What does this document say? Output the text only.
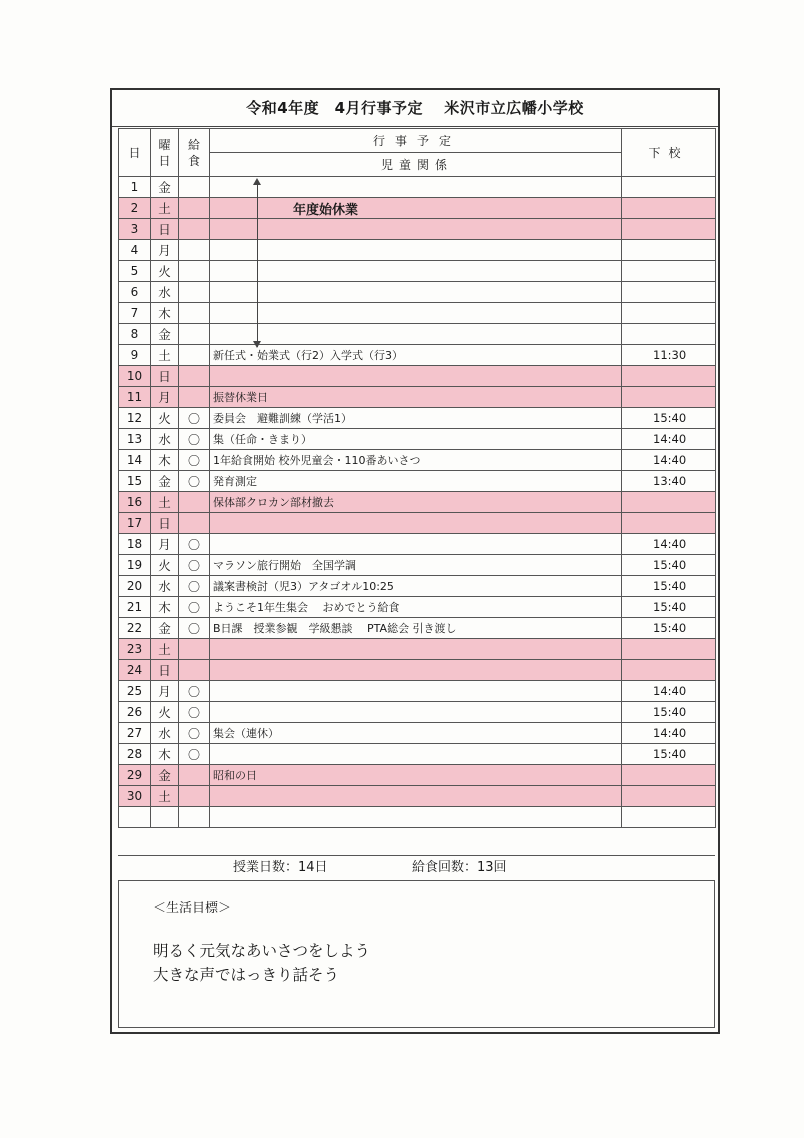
令和4年度　4月行事予定　 米沢市立広幡小学校
日	曜日	給食	行事予定	下校
			児童関係	
1	金			
2	土		年度始休業	
3	日			
4	月			
5	火			
6	水			
7	木			
8	金			
9	土		新任式・始業式（行2）入学式（行3）	11:30
10	日			
11	月		振替休業日	
12	火	〇	委員会　避難訓練（学活1）	15:40
13	水	〇	集（任命・きまり）	14:40
14	木	〇	1年給食開始 校外児童会・110番あいさつ	14:40
15	金	〇	発育測定	13:40
16	土		保体部クロカン部材撤去	
17	日			
18	月	〇		14:40
19	火	〇	マラソン旅行開始　全国学調	15:40
20	水	〇	議案書検討（児3）アタゴオル10:25	15:40
21	木	〇	ようこそ1年生集会　 おめでとう給食	15:40
22	金	〇	B日課　授業参観　学級懇談　 PTA総会 引き渡し	15:40
23	土			
24	日			
25	月	〇		14:40
26	火	〇		15:40
27	水	〇	集会（連休）	14:40
28	木	〇		15:40
29	金		昭和の日	
30	土			

授業日数：14日	給食回数：13回
＜生活目標＞
明るく元気なあいさつをしよう
大きな声ではっきり話そう
